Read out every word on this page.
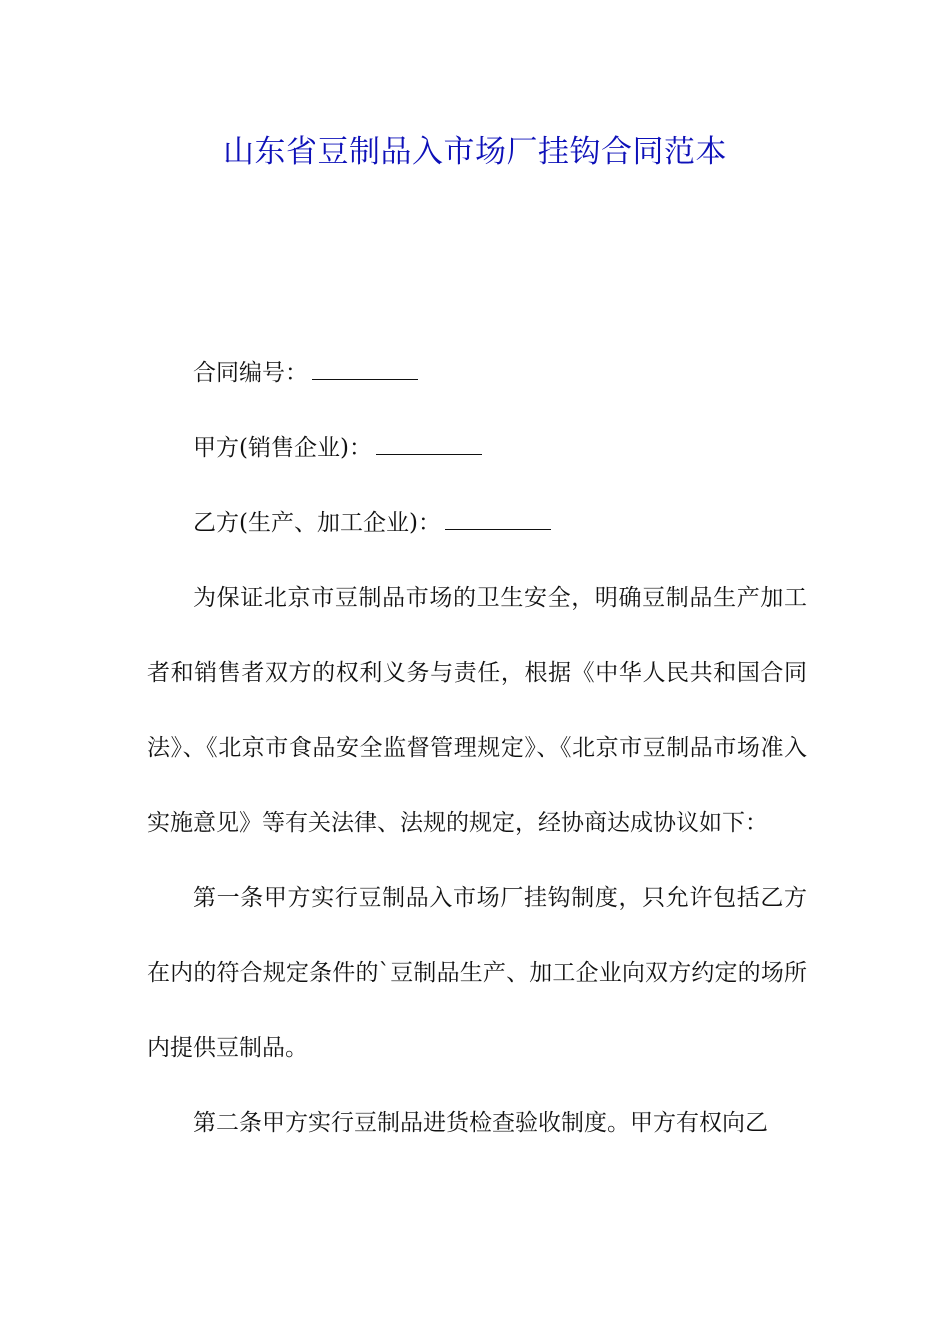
山东省豆制品入市场厂挂钩合同范本

合同编号：

甲方(销售企业)：

乙方(生产、加工企业)：

为保证北京市豆制品市场的卫生安全，明确豆制品生产加工者和销售者双方的权利义务与责任，根据《中华人民共和国合同法》、《北京市食品安全监督管理规定》、《北京市豆制品市场准入实施意见》等有关法律、法规的规定，经协商达成协议如下：

第一条甲方实行豆制品入市场厂挂钩制度，只允许包括乙方在内的符合规定条件的`豆制品生产、加工企业向双方约定的场所内提供豆制品。

第二条甲方实行豆制品进货检查验收制度。甲方有权向乙
